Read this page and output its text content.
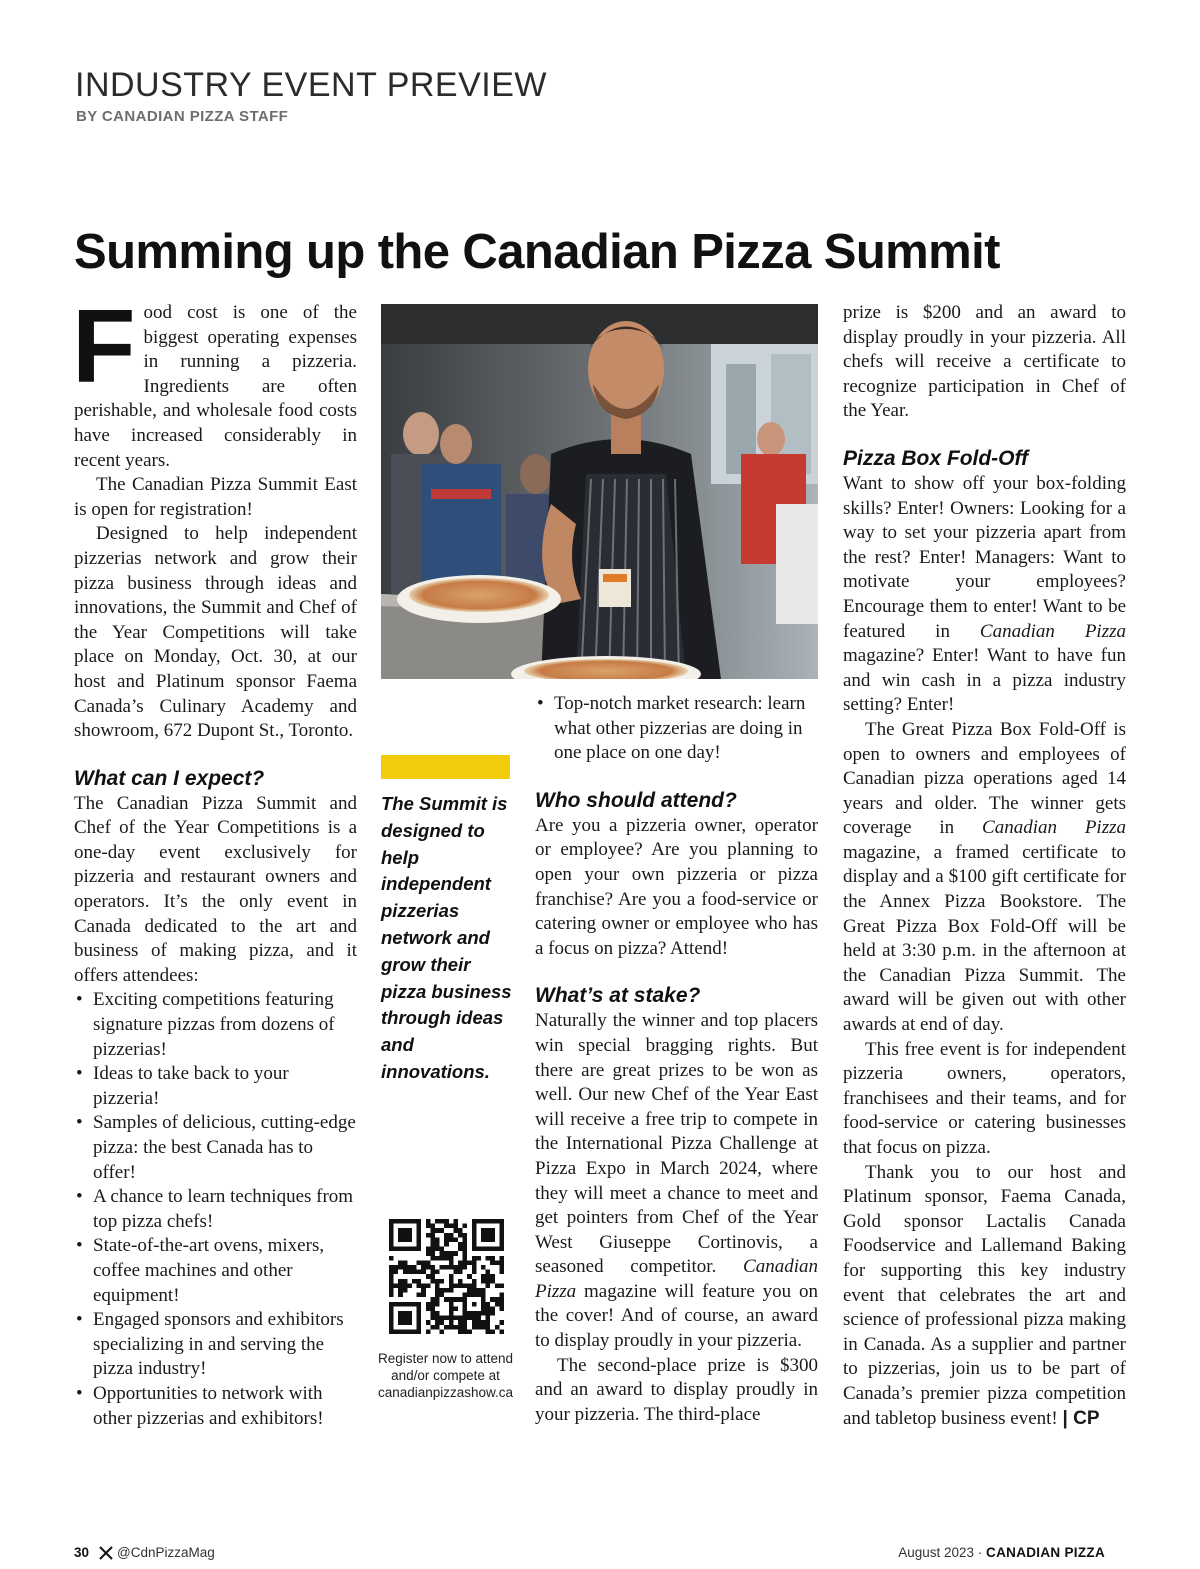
INDUSTRY EVENT PREVIEW
BY CANADIAN PIZZA STAFF
Summing up the Canadian Pizza Summit

Food cost is one of the biggest operating expenses in running a pizzeria. Ingredients are often perishable, and wholesale food costs have increased considerably in recent years.

The Canadian Pizza Summit East is open for registration!

Designed to help independent pizzerias network and grow their pizza business through ideas and innovations, the Summit and Chef of the Year Competitions will take place on Monday, Oct. 30, at our host and Platinum sponsor Faema Canada’s Culinary Academy and showroom, 672 Dupont St., Toronto.

What can I expect?

The Canadian Pizza Summit and Chef of the Year Competitions is a one-day event exclusively for pizzeria and restaurant owners and operators. It’s the only event in Canada dedicated to the art and business of making pizza, and it offers attendees:

• Exciting competitions featuring signature pizzas from dozens of pizzerias!
• Ideas to take back to your pizzeria!
• Samples of delicious, cutting-edge pizza: the best Canada has to offer!
• A chance to learn techniques from top pizza chefs!
• State-of-the-art ovens, mixers, coffee machines and other equipment!
• Engaged sponsors and exhibitors specializing in and serving the pizza industry!
• Opportunities to network with other pizzerias and exhibitors!
The Summit is designed to help independent pizzerias network and grow their pizza business through ideas and innovations.
Register now to attend and/or compete at canadianpizzashow.ca
• Top-notch market research: learn what other pizzerias are doing in one place on one day!
Who should attend?

Are you a pizzeria owner, operator or employee? Are you planning to open your own pizzeria or pizza franchise? Are you a food-service or catering owner or employee who has a focus on pizza? Attend!

What’s at stake?

Naturally the winner and top placers win special bragging rights. But there are great prizes to be won as well. Our new Chef of the Year East will receive a free trip to compete in the International Pizza Challenge at Pizza Expo in March 2024, where they will meet a chance to meet and get pointers from Chef of the Year West Giuseppe Cortinovis, a seasoned competitor. Canadian Pizza magazine will feature you on the cover! And of course, an award to display proudly in your pizzeria.

The second-place prize is $300 and an award to display proudly in your pizzeria. The third-place

prize is $200 and an award to display proudly in your pizzeria. All chefs will receive a certificate to recognize participation in Chef of the Year.

Pizza Box Fold-Off

Want to show off your box-folding skills? Enter! Owners: Looking for a way to set your pizzeria apart from the rest? Enter! Managers: Want to motivate your employees? Encourage them to enter! Want to be featured in Canadian Pizza magazine? Enter! Want to have fun and win cash in a pizza industry setting? Enter!

The Great Pizza Box Fold-Off is open to owners and employees of Canadian pizza operations aged 14 years and older. The winner gets coverage in Canadian Pizza magazine, a framed certificate to display and a $100 gift certificate for the Annex Pizza Bookstore. The Great Pizza Box Fold-Off will be held at 3:30 p.m. in the afternoon at the Canadian Pizza Summit. The award will be given out with other awards at end of day.

This free event is for independent pizzeria owners, operators, franchisees and their teams, and for food-service or catering businesses that focus on pizza.

Thank you to our host and Platinum sponsor, Faema Canada, Gold sponsor Lactalis Canada Foodservice and Lallemand Baking for supporting this key industry event that celebrates the art and science of professional pizza making in Canada. As a supplier and partner to pizzerias, join us to be part of Canada’s premier pizza competition and tabletop business event! | CP

30 @CdnPizzaMag	August 2023 · CANADIAN PIZZA
